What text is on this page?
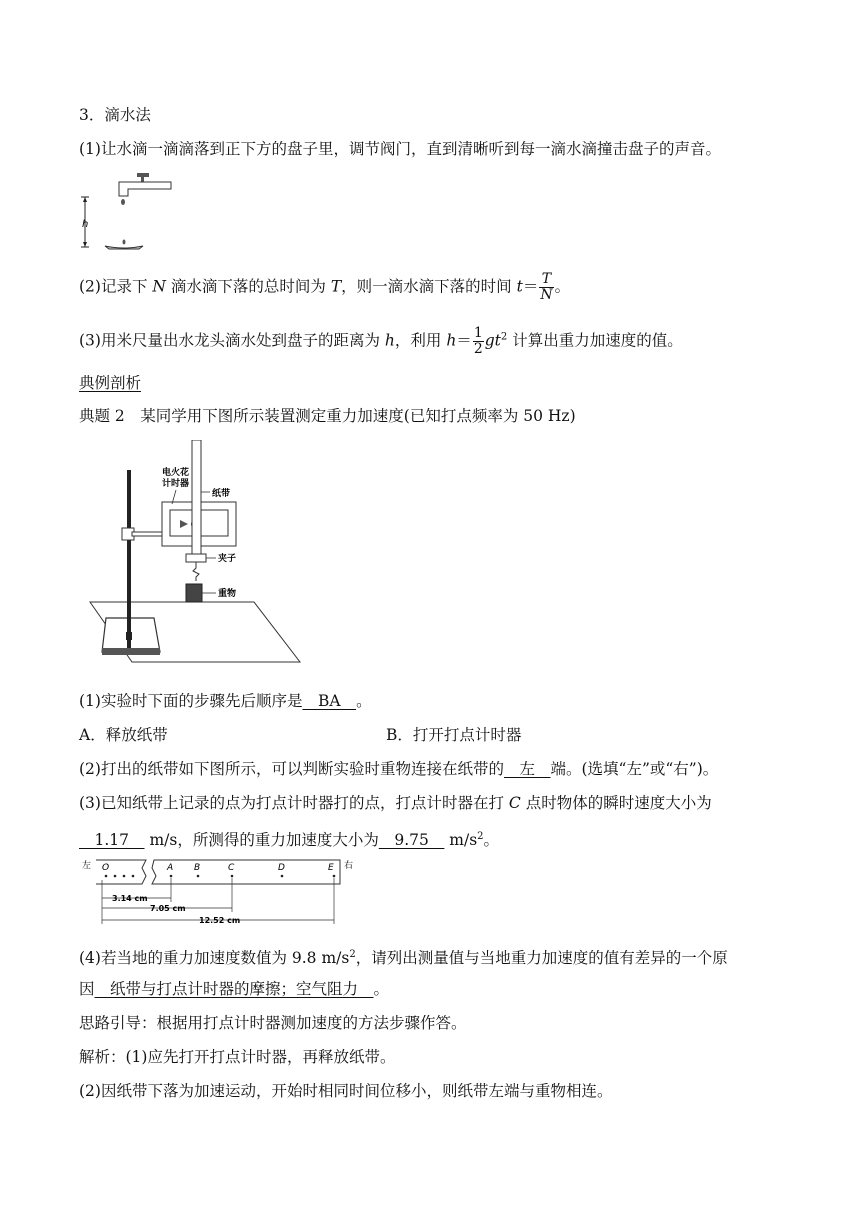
3．滴水法
(1)让水滴一滴滴落到正下方的盘子里，调节阀门，直到清晰听到每一滴水滴撞击盘子的声音。
h
(2)记录下 N 滴水滴下落的总时间为 T，则一滴水滴下落的时间 $t= \frac{T}{N}$ 。
(3)用米尺量出水龙头滴水处到盘子的距离为 h，利用 $h= \frac{1}{2} gt^2$ 计算出重力加速度的值。
典例剖析
典题 2　某同学用下图所示装置测定重力加速度(已知打点频率为 50 Hz)
电火花
计时器
纸带
夹子
重物
(1)实验时下面的步骤先后顺序是__BA__。
A．释放纸带	B．打开打点计时器
(2)打出的纸带如下图所示，可以判断实验时重物连接在纸带的__左__端。(选填“左”或“右”)。
(3)已知纸带上记录的点为打点计时器打的点，打点计时器在打 C 点时物体的瞬时速度大小为
__1.17__ m/s，所测得的重力加速度大小为__9.75__ $m/s^2$。
左	右
O	A B	C	D	E
3.14 cm
7.05 cm
12.52 cm
(4)若当地的重力加速度数值为 9.8 $m/s^2$，请列出测量值与当地重力加速度的值有差异的一个原
因__纸带与打点计时器的摩擦；空气阻力__。
思路引导：根据用打点计时器测加速度的方法步骤作答。
解析：(1)应先打开打点计时器，再释放纸带。
(2)因纸带下落为加速运动，开始时相同时间位移小，则纸带左端与重物相连。
